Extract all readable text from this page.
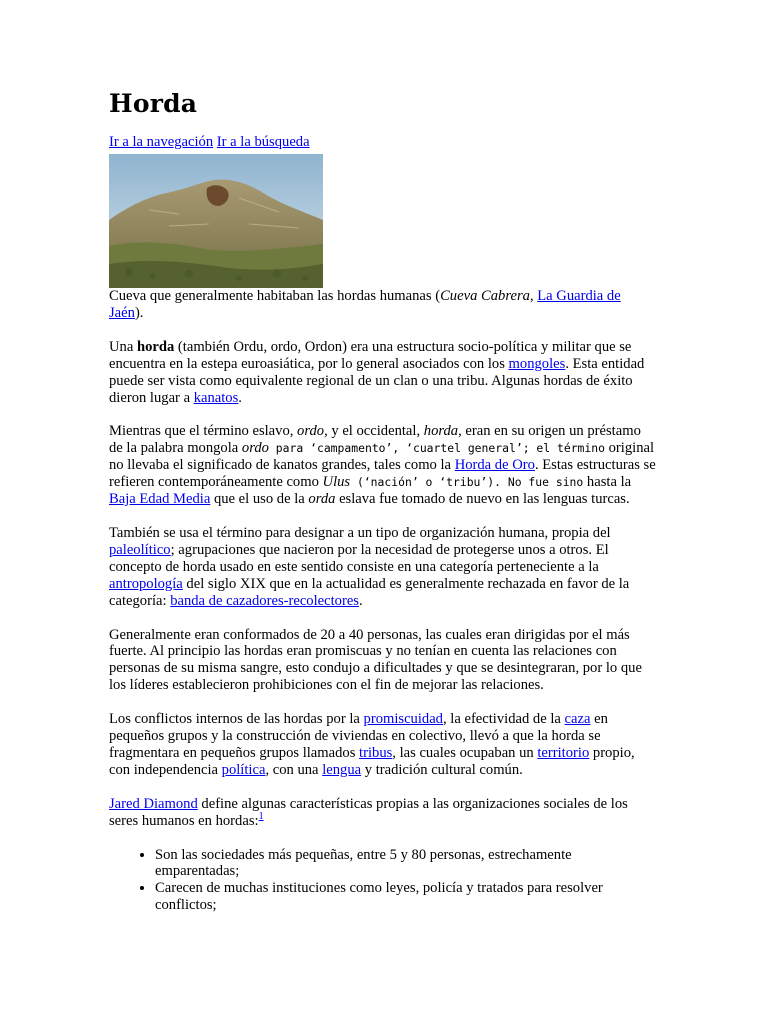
Horda
Ir a la navegación Ir a la búsqueda
Cueva que generalmente habitaban las hordas humanas (Cueva Cabrera, La Guardia de Jaén).

Una horda (también Ordu, ordo, Ordon) era una estructura socio-política y militar que se encuentra en la estepa euroasiática, por lo general asociados con los mongoles. Esta entidad puede ser vista como equivalente regional de un clan o una tribu. Algunas hordas de éxito dieron lugar a kanatos.

Mientras que el término eslavo, ordo, y el occidental, horda, eran en su origen un préstamo de la palabra mongola ordo para ‘campamento’, ‘cuartel general’; el término original no llevaba el significado de kanatos grandes, tales como la Horda de Oro. Estas estructuras se refieren contemporáneamente como Ulus (‘nación’ o ‘tribu’). No fue sino hasta la Baja Edad Media que el uso de la orda eslava fue tomado de nuevo en las lenguas turcas.

También se usa el término para designar a un tipo de organización humana, propia del paleolítico; agrupaciones que nacieron por la necesidad de protegerse unos a otros. El concepto de horda usado en este sentido consiste en una categoría perteneciente a la antropología del siglo XIX que en la actualidad es generalmente rechazada en favor de la categoría: banda de cazadores-recolectores.

Generalmente eran conformados de 20 a 40 personas, las cuales eran dirigidas por el más fuerte. Al principio las hordas eran promiscuas y no tenían en cuenta las relaciones con personas de su misma sangre, esto condujo a dificultades y que se desintegraran, por lo que los líderes establecieron prohibiciones con el fin de mejorar las relaciones.

Los conflictos internos de las hordas por la promiscuidad, la efectividad de la caza en pequeños grupos y la construcción de viviendas en colectivo, llevó a que la horda se fragmentara en pequeños grupos llamados tribus, las cuales ocupaban un territorio propio, con independencia política, con una lengua y tradición cultural común.

Jared Diamond define algunas características propias a las organizaciones sociales de los seres humanos en hordas:$^1$

• Son las sociedades más pequeñas, entre 5 y 80 personas, estrechamente emparentadas;
• Carecen de muchas instituciones como leyes, policía y tratados para resolver conflictos;
